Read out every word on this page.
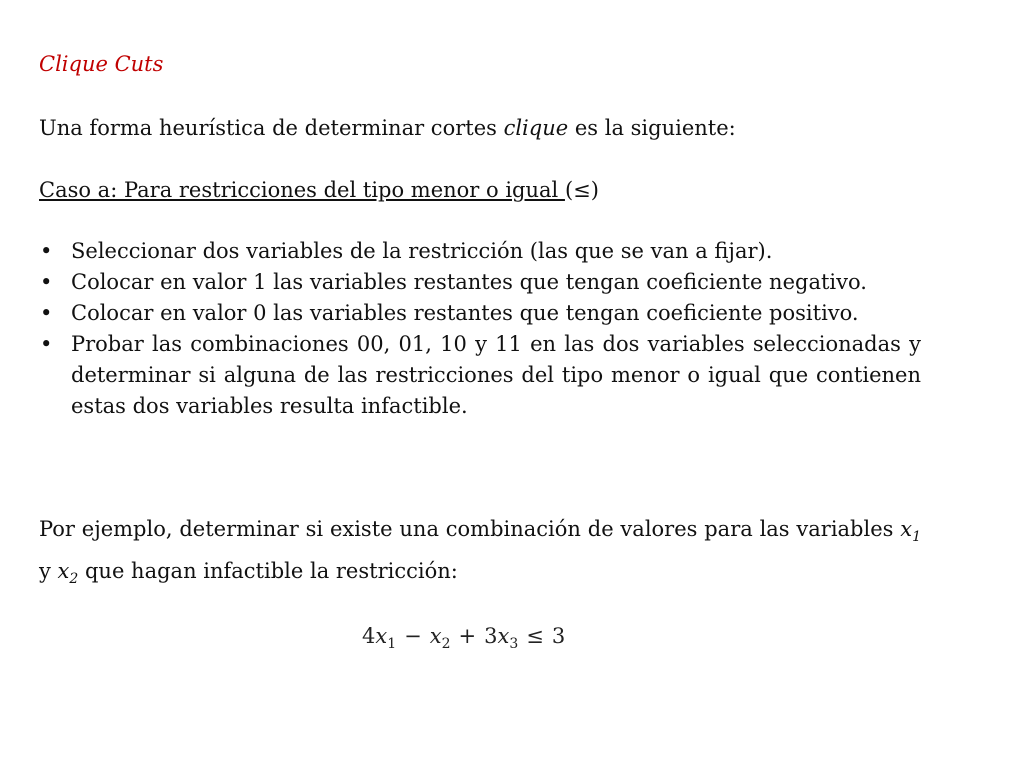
Clique Cuts
Una forma heurística de determinar cortes clique es la siguiente:
Caso a: Para restricciones del tipo menor o igual (≤)
• Seleccionar dos variables de la restricción (las que se van a fijar).
• Colocar en valor 1 las variables restantes que tengan coeficiente negativo.
• Colocar en valor 0 las variables restantes que tengan coeficiente positivo.
• Probar las combinaciones 00, 01, 10 y 11 en las dos variables seleccionadas y determinar si alguna de las restricciones del tipo menor o igual que contienen estas dos variables resulta infactible.
Por ejemplo, determinar si existe una combinación de valores para las variables $x_1$ y $x_2$ que hagan infactible la restricción:
$4x_1 - x_2 + 3x_3 \le 3$
